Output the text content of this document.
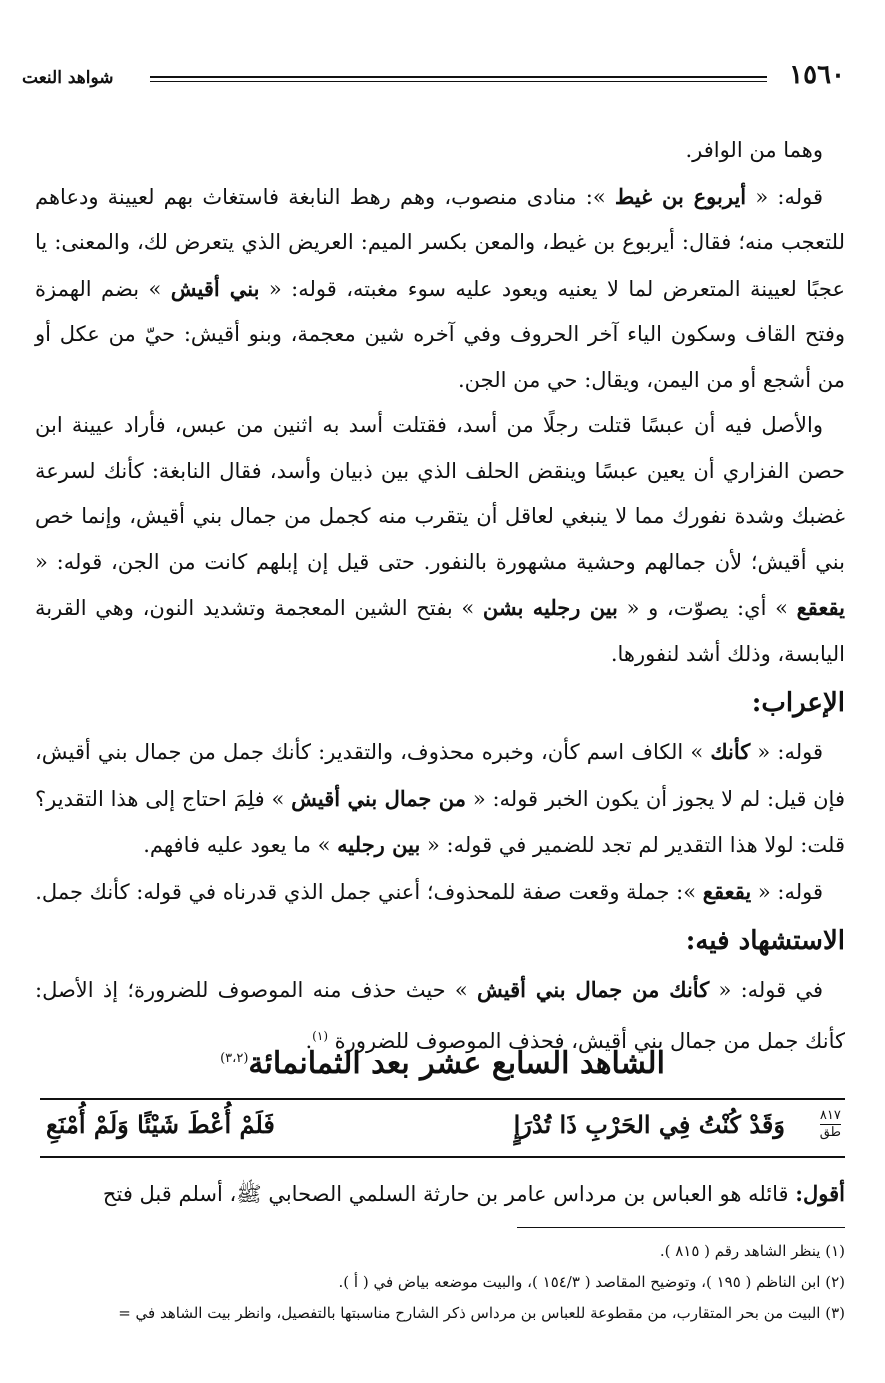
١٥٦٠
شواهد النعت

وهما من الوافر.

قوله: « أيربوع بن غيط »: منادى منصوب، وهم رهط النابغة فاستغاث بهم لعيينة ودعاهم للتعجب منه؛ فقال: أيربوع بن غيط، والمعن بكسر الميم: العريض الذي يتعرض لك، والمعنى: يا عجبًا لعيينة المتعرض لما لا يعنيه ويعود عليه سوء مغبته، قوله: « بني أقيش » بضم الهمزة وفتح القاف وسكون الياء آخر الحروف وفي آخره شين معجمة، وبنو أقيش: حيّ من عكل أو من أشجع أو من اليمن، ويقال: حي من الجن.

والأصل فيه أن عبسًا قتلت رجلًا من أسد، فقتلت أسد به اثنين من عبس، فأراد عيينة ابن حصن الفزاري أن يعين عبسًا وينقض الحلف الذي بين ذبيان وأسد، فقال النابغة: كأنك لسرعة غضبك وشدة نفورك مما لا ينبغي لعاقل أن يتقرب منه كجمل من جمال بني أقيش، وإنما خص بني أقيش؛ لأن جمالهم وحشية مشهورة بالنفور. حتى قيل إن إبلهم كانت من الجن، قوله: « يقعقع » أي: يصوّت، و « بين رجليه بشن » بفتح الشين المعجمة وتشديد النون، وهي القربة اليابسة، وذلك أشد لنفورها.

الإعراب:

قوله: « كأنك » الكاف اسم كأن، وخبره محذوف، والتقدير: كأنك جمل من جمال بني أقيش، فإن قيل: لم لا يجوز أن يكون الخبر قوله: « من جمال بني أقيش » فلِمَ احتاج إلى هذا التقدير؟ قلت: لولا هذا التقدير لم تجد للضمير في قوله: « بين رجليه » ما يعود عليه فافهم.

قوله: « يقعقع »: جملة وقعت صفة للمحذوف؛ أعني جمل الذي قدرناه في قوله: كأنك جمل.

الاستشهاد فيه:

في قوله: « كأنك من جمال بني أقيش » حيث حذف منه الموصوف للضرورة؛ إذ الأصل: كأنك جمل من جمال بني أقيش، فحذف الموصوف للضرورة $^{(١)}$.

الشاهد السابع عشر بعد الثمانمائة$^{(٣،٢)}$
٨١٧
طق
وَقَدْ كُنْتُ فِي الحَرْبِ ذَا تُدْرَإٍ
فَلَمْ أُعْطَ شَيْئًا وَلَمْ أُمْنَعِ
أقول: قائله هو العباس بن مرداس عامر بن حارثة السلمي الصحابي ﷺ، أسلم قبل فتح

(١) ينظر الشاهد رقم ( ٨١٥ ).

(٢) ابن الناظم ( ١٩٥ )، وتوضيح المقاصد ( ١٥٤/٣ )، والبيت موضعه بياض في ( أ ).

(٣) البيت من بحر المتقارب، من مقطوعة للعباس بن مرداس ذكر الشارح مناسبتها بالتفصيل، وانظر بيت الشاهد في =
